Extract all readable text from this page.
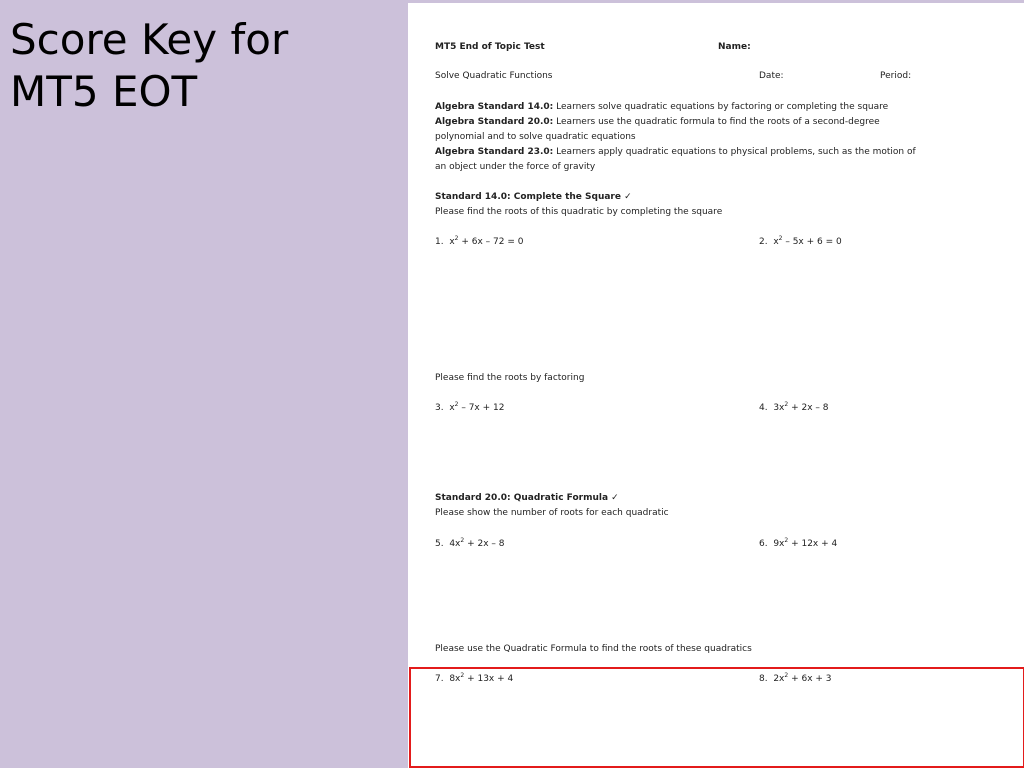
Score Key for
MT5 EOT
MT5 End of Topic Test	Name:
Solve Quadratic Functions	Date:	Period:
Algebra Standard 14.0: Learners solve quadratic equations by factoring or completing the square
Algebra Standard 20.0: Learners use the quadratic formula to find the roots of a second-degree
polynomial and to solve quadratic equations
Algebra Standard 23.0: Learners apply quadratic equations to physical problems, such as the motion of
an object under the force of gravity
Standard 14.0: Complete the Square ✓
Please find the roots of this quadratic by completing the square
1. $x^2 + 6x - 72 = 0$	2. $x^2 - 5x + 6 = 0$
Please find the roots by factoring
3. $x^2 - 7x + 12$	4. $3x^2 + 2x - 8$
Standard 20.0: Quadratic Formula ✓
Please show the number of roots for each quadratic
5. $4x^2 + 2x - 8$	6. $9x^2 + 12x + 4$
Please use the Quadratic Formula to find the roots of these quadratics
7. $8x^2 + 13x + 4$	8. $2x^2 + 6x + 3$
